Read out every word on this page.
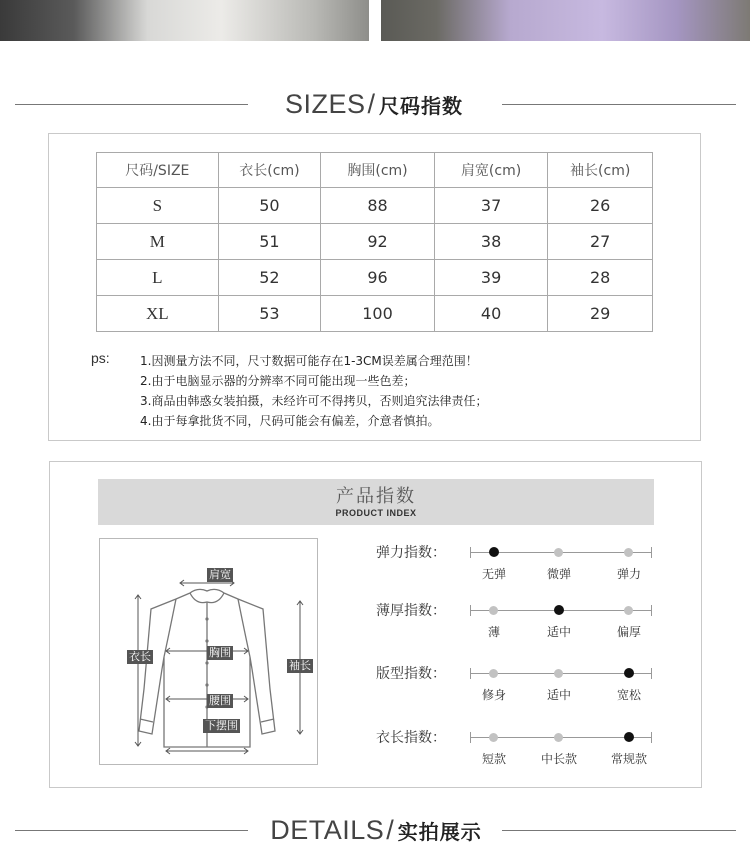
SIZES/ 尺码指数
尺码/SIZE	衣长(cm)	胸围(cm)	肩宽(cm)	袖长(cm)
S	50	88	37	26
M	51	92	38	27
L	52	96	39	28
XL	53	100	40	29
ps:	1.因测量方法不同，尺寸数据可能存在1-3CM误差属合理范围！
2.由于电脑显示器的分辨率不同可能出现一些色差；
3.商品由韩惑女装拍摄，未经许可不得拷贝，否则追究法律责任；
4.由于每拿批货不同，尺码可能会有偏差，介意者慎拍。
产品指数
PRODUCT INDEX
肩宽
衣长	胸围
袖长
腰围
下摆围
弹力指数：
无弹	微弹	弹力
薄厚指数：
薄	适中	偏厚
版型指数：
修身	适中	宽松
衣长指数：
短款	中长款	常规款
DETAILS/ 实拍展示
